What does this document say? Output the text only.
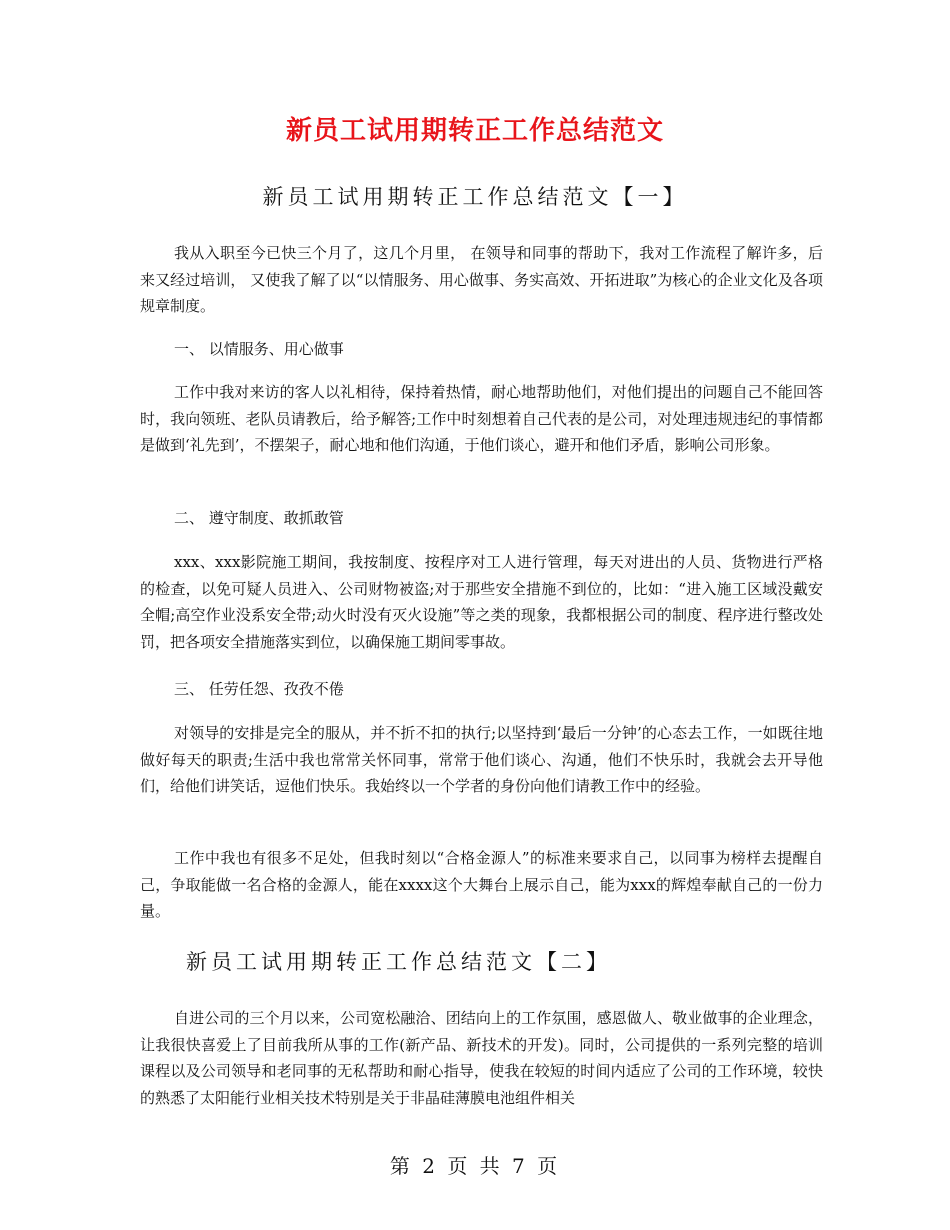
新员工试用期转正工作总结范文
新员工试用期转正工作总结范文【一】

我从入职至今已快三个月了，这几个月里， 在领导和同事的帮助下，我对工作流程了解许多，后来又经过培训， 又使我了解了以“以情服务、用心做事、务实高效、开拓进取”为核心的企业文化及各项规章制度。

一、 以情服务、用心做事

工作中我对来访的客人以礼相待，保持着热情，耐心地帮助他们，对他们提出的问题自己不能回答时，我向领班、老队员请教后，给予解答;工作中时刻想着自己代表的是公司，对处理违规违纪的事情都是做到‘礼先到’，不摆架子，耐心地和他们沟通，于他们谈心，避开和他们矛盾，影响公司形象。

二、 遵守制度、敢抓敢管

xxx、xxx影院施工期间，我按制度、按程序对工人进行管理，每天对进出的人员、货物进行严格的检查，以免可疑人员进入、公司财物被盗;对于那些安全措施不到位的，比如：“进入施工区域没戴安全帽;高空作业没系安全带;动火时没有灭火设施”等之类的现象，我都根据公司的制度、程序进行整改处罚，把各项安全措施落实到位，以确保施工期间零事故。

三、 任劳任怨、孜孜不倦

对领导的安排是完全的服从，并不折不扣的执行;以坚持到‘最后一分钟’的心态去工作，一如既往地做好每天的职责;生活中我也常常关怀同事，常常于他们谈心、沟通，他们不快乐时，我就会去开导他们，给他们讲笑话，逗他们快乐。我始终以一个学者的身份向他们请教工作中的经验。

工作中我也有很多不足处，但我时刻以“合格金源人”的标准来要求自己，以同事为榜样去提醒自己，争取能做一名合格的金源人，能在xxxx这个大舞台上展示自己，能为xxx的辉煌奉献自己的一份力量。

新员工试用期转正工作总结范文【二】

自进公司的三个月以来，公司宽松融洽、团结向上的工作氛围，感恩做人、敬业做事的企业理念，让我很快喜爱上了目前我所从事的工作(新产品、新技术的开发)。同时，公司提供的一系列完整的培训课程以及公司领导和老同事的无私帮助和耐心指导，使我在较短的时间内适应了公司的工作环境，较快的熟悉了太阳能行业相关技术特别是关于非晶硅薄膜电池组件相关

第 2 页 共 7 页
